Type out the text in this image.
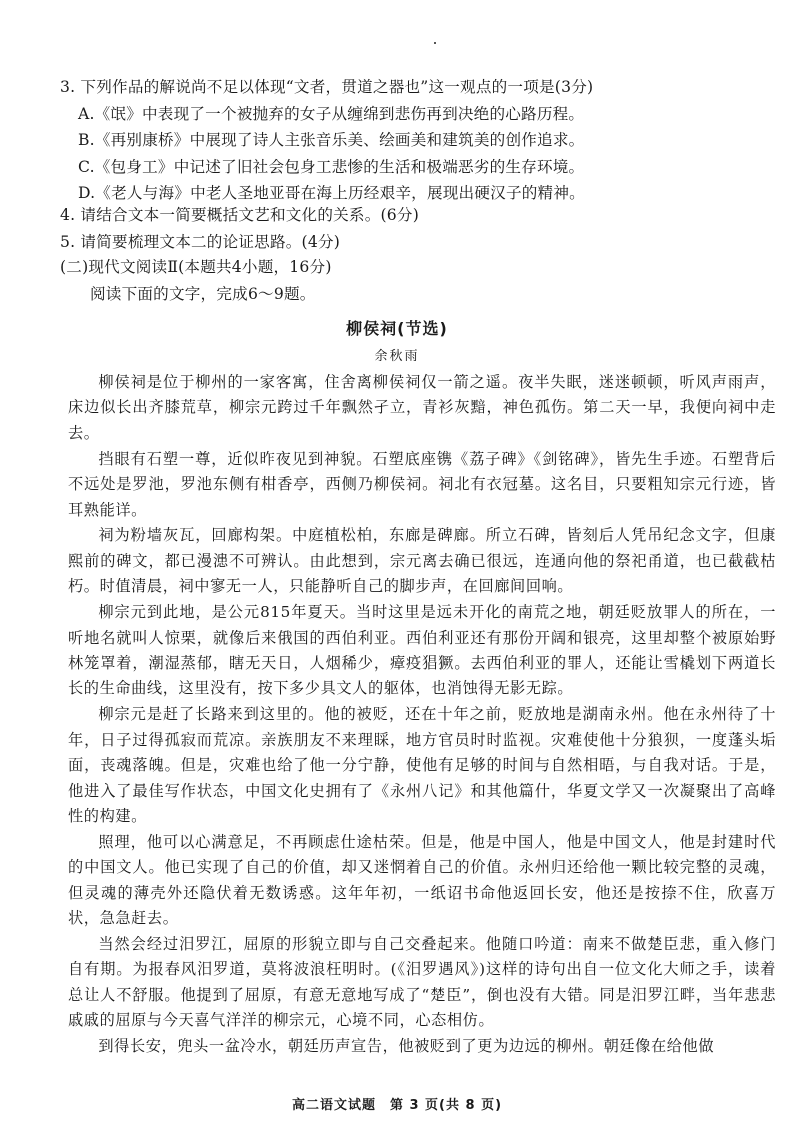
3. 下列作品的解说尚不足以体现“文者，贯道之器也”这一观点的一项是(3分)
A.《氓》中表现了一个被抛弃的女子从缠绵到悲伤再到决绝的心路历程。
B.《再别康桥》中展现了诗人主张音乐美、绘画美和建筑美的创作追求。
C.《包身工》中记述了旧社会包身工悲惨的生活和极端恶劣的生存环境。
D.《老人与海》中老人圣地亚哥在海上历经艰辛，展现出硬汉子的精神。
4. 请结合文本一简要概括文艺和文化的关系。(6分)
5. 请简要梳理文本二的论证思路。(4分)
(二)现代文阅读Ⅱ(本题共4小题，16分)
阅读下面的文字，完成6～9题。
柳侯祠(节选)
余秋雨

柳侯祠是位于柳州的一家客寓，住舍离柳侯祠仅一箭之遥。夜半失眠，迷迷顿顿，听风声雨声，床边似长出齐膝荒草，柳宗元跨过千年飘然孑立，青衫灰黯，神色孤伤。第二天一早，我便向祠中走去。

挡眼有石塑一尊，近似昨夜见到神貌。石塑底座镌《荔子碑》《剑铭碑》，皆先生手迹。石塑背后不远处是罗池，罗池东侧有柑香亭，西侧乃柳侯祠。祠北有衣冠墓。这名目，只要粗知宗元行迹，皆耳熟能详。

祠为粉墙灰瓦，回廊构架。中庭植松柏，东廊是碑廊。所立石碑，皆刻后人凭吊纪念文字，但康熙前的碑文，都已漫漶不可辨认。由此想到，宗元离去确已很远，连通向他的祭祀甬道，也已截截枯朽。时值清晨，祠中寥无一人，只能静听自己的脚步声，在回廊间回响。

柳宗元到此地，是公元815年夏天。当时这里是远未开化的南荒之地，朝廷贬放罪人的所在，一听地名就叫人惊栗，就像后来俄国的西伯利亚。西伯利亚还有那份开阔和银亮，这里却整个被原始野林笼罩着，潮湿蒸郁，瞎无天日，人烟稀少，瘴疫猖獗。去西伯利亚的罪人，还能让雪橇划下两道长长的生命曲线，这里没有，按下多少具文人的躯体，也消蚀得无影无踪。

柳宗元是赶了长路来到这里的。他的被贬，还在十年之前，贬放地是湖南永州。他在永州待了十年，日子过得孤寂而荒凉。亲族朋友不来理睬，地方官员时时监视。灾难使他十分狼狈，一度蓬头垢面，丧魂落魄。但是，灾难也给了他一分宁静，使他有足够的时间与自然相晤，与自我对话。于是，他进入了最佳写作状态，中国文化史拥有了《永州八记》和其他篇什，华夏文学又一次凝聚出了高峰性的构建。

照理，他可以心满意足，不再顾虑仕途枯荣。但是，他是中国人，他是中国文人，他是封建时代的中国文人。他已实现了自己的价值，却又迷惘着自己的价值。永州归还给他一颗比较完整的灵魂，但灵魂的薄壳外还隐伏着无数诱惑。这年年初，一纸诏书命他返回长安，他还是按捺不住，欣喜万状，急急赶去。

当然会经过汨罗江，屈原的形貌立即与自己交叠起来。他随口吟道：南来不做楚臣悲，重入修门自有期。为报春风汨罗道，莫将波浪枉明时。(《汨罗遇风》)这样的诗句出自一位文化大师之手，读着总让人不舒服。他提到了屈原，有意无意地写成了“楚臣”，倒也没有大错。同是汨罗江畔，当年悲悲戚戚的屈原与今天喜气洋洋的柳宗元，心境不同，心态相仿。

到得长安，兜头一盆冷水，朝廷历声宣告，他被贬到了更为边远的柳州。朝廷像在给他做

高二语文试题　第 3 页(共 8 页)
